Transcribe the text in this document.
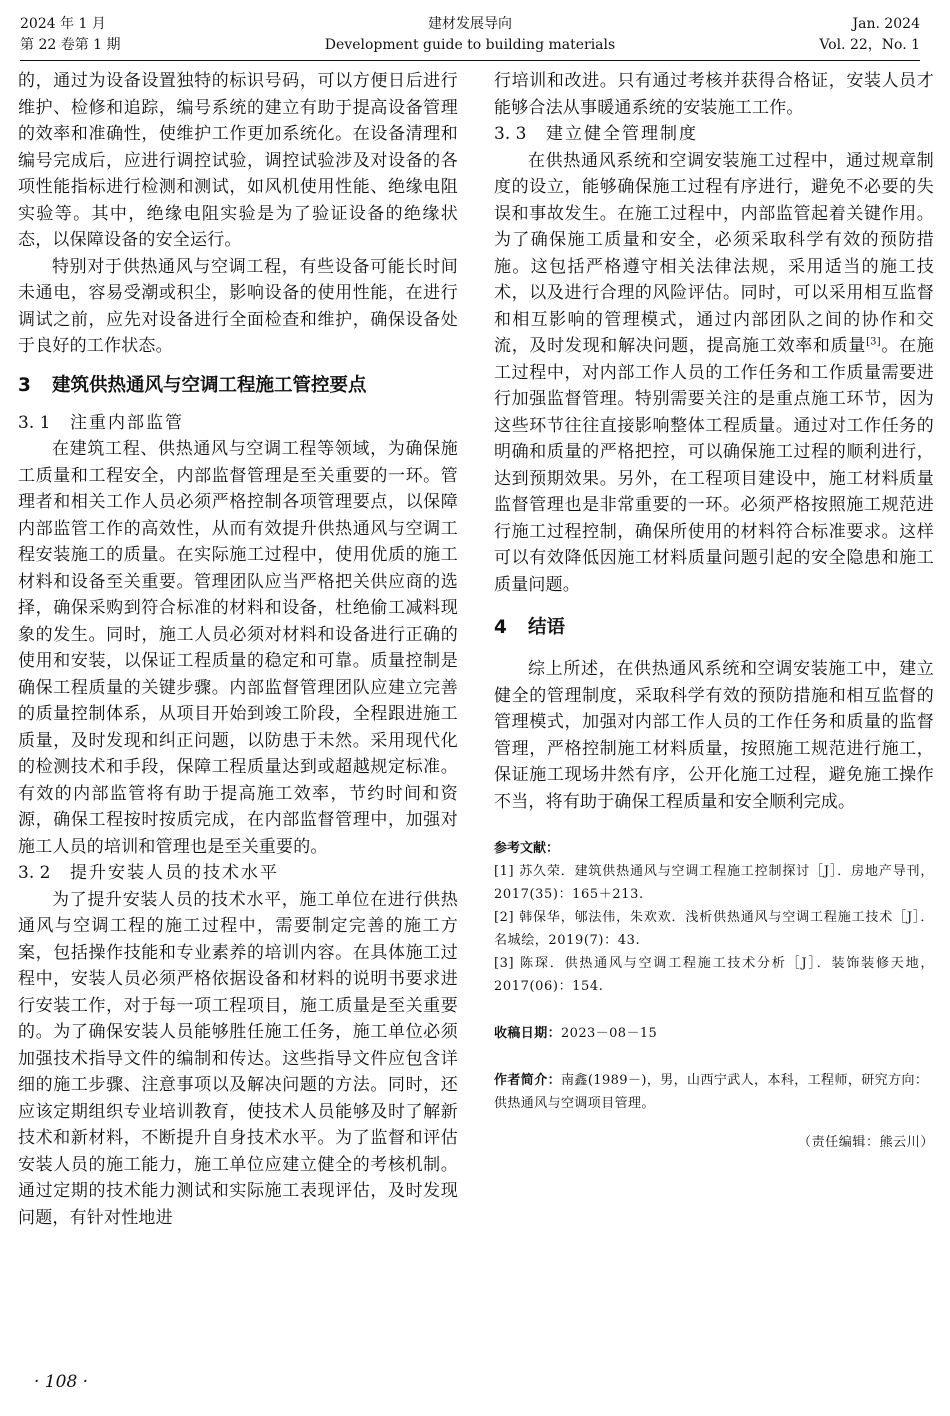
2024 年 1 月
第 22 卷第 1 期
建材发展导向
Development guide to building materials
Jan. 2024
Vol. 22，No. 1

的，通过为设备设置独特的标识号码，可以方便日后进行维护、检修和追踪，编号系统的建立有助于提高设备管理的效率和准确性，使维护工作更加系统化。在设备清理和编号完成后，应进行调控试验，调控试验涉及对设备的各项性能指标进行检测和测试，如风机使用性能、绝缘电阻实验等。其中，绝缘电阻实验是为了验证设备的绝缘状态，以保障设备的安全运行。

特别对于供热通风与空调工程，有些设备可能长时间未通电，容易受潮或积尘，影响设备的使用性能，在进行调试之前，应先对设备进行全面检查和维护，确保设备处于良好的工作状态。

3 建筑供热通风与空调工程施工管控要点
3. 1 注重内部监管

在建筑工程、供热通风与空调工程等领域，为确保施工质量和工程安全，内部监督管理是至关重要的一环。管理者和相关工作人员必须严格控制各项管理要点，以保障内部监管工作的高效性，从而有效提升供热通风与空调工程安装施工的质量。在实际施工过程中，使用优质的施工材料和设备至关重要。管理团队应当严格把关供应商的选择，确保采购到符合标准的材料和设备，杜绝偷工减料现象的发生。同时，施工人员必须对材料和设备进行正确的使用和安装，以保证工程质量的稳定和可靠。质量控制是确保工程质量的关键步骤。内部监督管理团队应建立完善的质量控制体系，从项目开始到竣工阶段，全程跟进施工质量，及时发现和纠正问题，以防患于未然。采用现代化的检测技术和手段，保障工程质量达到或超越规定标准。有效的内部监管将有助于提高施工效率，节约时间和资源，确保工程按时按质完成，在内部监督管理中，加强对施工人员的培训和管理也是至关重要的。

3. 2 提升安装人员的技术水平

为了提升安装人员的技术水平，施工单位在进行供热通风与空调工程的施工过程中，需要制定完善的施工方案，包括操作技能和专业素养的培训内容。在具体施工过程中，安装人员必须严格依据设备和材料的说明书要求进行安装工作，对于每一项工程项目，施工质量是至关重要的。为了确保安装人员能够胜任施工任务，施工单位必须加强技术指导文件的编制和传达。这些指导文件应包含详细的施工步骤、注意事项以及解决问题的方法。同时，还应该定期组织专业培训教育，使技术人员能够及时了解新技术和新材料，不断提升自身技术水平。为了监督和评估安装人员的施工能力，施工单位应建立健全的考核机制。通过定期的技术能力测试和实际施工表现评估，及时发现问题，有针对性地进

行培训和改进。只有通过考核并获得合格证，安装人员才能够合法从事暖通系统的安装施工工作。

3. 3 建立健全管理制度

在供热通风系统和空调安装施工过程中，通过规章制度的设立，能够确保施工过程有序进行，避免不必要的失误和事故发生。在施工过程中，内部监管起着关键作用。为了确保施工质量和安全，必须采取科学有效的预防措施。这包括严格遵守相关法律法规，采用适当的施工技术，以及进行合理的风险评估。同时，可以采用相互监督和相互影响的管理模式，通过内部团队之间的协作和交流，及时发现和解决问题，提高施工效率和质量[3]。在施工过程中，对内部工作人员的工作任务和工作质量需要进行加强监督管理。特别需要关注的是重点施工环节，因为这些环节往往直接影响整体工程质量。通过对工作任务的明确和质量的严格把控，可以确保施工过程的顺利进行，达到预期效果。另外，在工程项目建设中，施工材料质量监督管理也是非常重要的一环。必须严格按照施工规范进行施工过程控制，确保所使用的材料符合标准要求。这样可以有效降低因施工材料质量问题引起的安全隐患和施工质量问题。

4 结语

综上所述，在供热通风系统和空调安装施工中，建立健全的管理制度，采取科学有效的预防措施和相互监督的管理模式，加强对内部工作人员的工作任务和质量的监督管理，严格控制施工材料质量，按照施工规范进行施工，保证施工现场井然有序，公开化施工过程，避免施工操作不当，将有助于确保工程质量和安全顺利完成。

参考文献：
[1] 苏久荣．建筑供热通风与空调工程施工控制探讨［J］．房地产导刊，2017(35)：165＋213.
[2] 韩保华，郇法伟，朱欢欢．浅析供热通风与空调工程施工技术［J］．名城绘，2019(7)：43.
[3] 陈琛．供热通风与空调工程施工技术分析［J］．装饰装修天地，2017(06)：154.
收稿日期：2023－08－15
作者简介：南鑫(1989－)，男，山西宁武人，本科，工程师，研究方向：供热通风与空调项目管理。
（责任编辑：熊云川）
· 108 ·
